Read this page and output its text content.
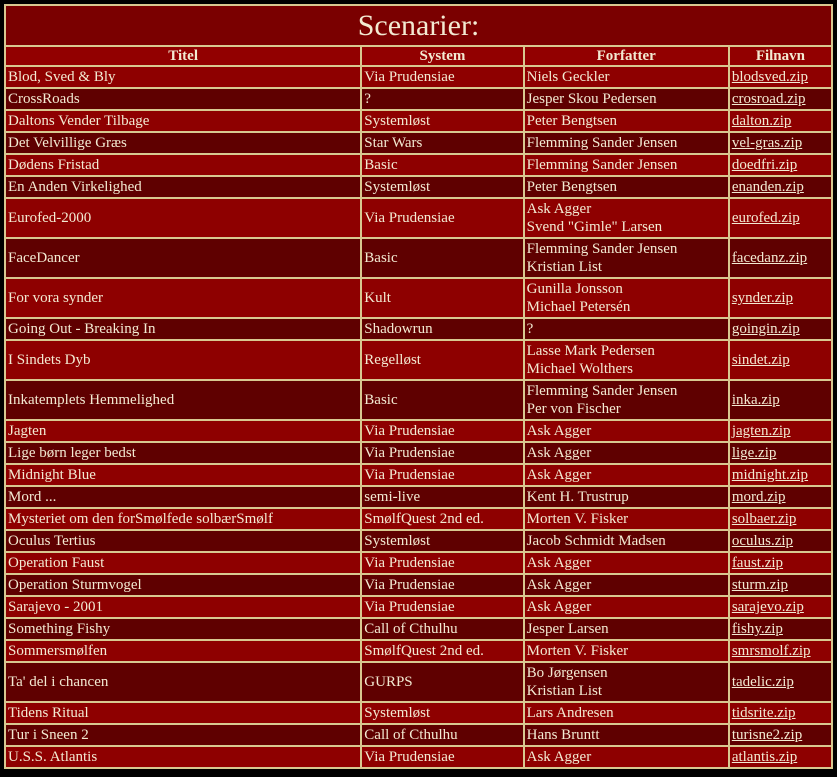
Scenarier:			
Titel	System	Forfatter	Filnavn
Blod, Sved & Bly	Via Prudensiae	Niels Geckler	blodsved.zip
CrossRoads	?	Jesper Skou Pedersen	crosroad.zip
Daltons Vender Tilbage	Systemløst	Peter Bengtsen	dalton.zip
Det Velvillige Græs	Star Wars	Flemming Sander Jensen	vel-gras.zip
Dødens Fristad	Basic	Flemming Sander Jensen	doedfri.zip
En Anden Virkelighed	Systemløst	Peter Bengtsen	enanden.zip
Eurofed-2000	Via Prudensiae	Ask Agger
Svend "Gimle" Larsen	eurofed.zip
FaceDancer	Basic	Flemming Sander Jensen
Kristian List	facedanz.zip
For vora synder	Kult	Gunilla Jonsson
Michael Petersén	synder.zip
Going Out - Breaking In	Shadowrun	?	goingin.zip
I Sindets Dyb	Regelløst	Lasse Mark Pedersen
Michael Wolthers	sindet.zip
Inkatemplets Hemmelighed	Basic	Flemming Sander Jensen
Per von Fischer	inka.zip
Jagten	Via Prudensiae	Ask Agger	jagten.zip
Lige børn leger bedst	Via Prudensiae	Ask Agger	lige.zip
Midnight Blue	Via Prudensiae	Ask Agger	midnight.zip
Mord ...	semi-live	Kent H. Trustrup	mord.zip
Mysteriet om den forSmølfede solbærSmølf	SmølfQuest 2nd ed.	Morten V. Fisker	solbaer.zip
Oculus Tertius	Systemløst	Jacob Schmidt Madsen	oculus.zip
Operation Faust	Via Prudensiae	Ask Agger	faust.zip
Operation Sturmvogel	Via Prudensiae	Ask Agger	sturm.zip
Sarajevo - 2001	Via Prudensiae	Ask Agger	sarajevo.zip
Something Fishy	Call of Cthulhu	Jesper Larsen	fishy.zip
Sommersmølfen	SmølfQuest 2nd ed.	Morten V. Fisker	smrsmolf.zip
Ta' del i chancen	GURPS	Bo Jørgensen
Kristian List	tadelic.zip
Tidens Ritual	Systemløst	Lars Andresen	tidsrite.zip
Tur i Sneen 2	Call of Cthulhu	Hans Bruntt	turisne2.zip
U.S.S. Atlantis	Via Prudensiae	Ask Agger	atlantis.zip
